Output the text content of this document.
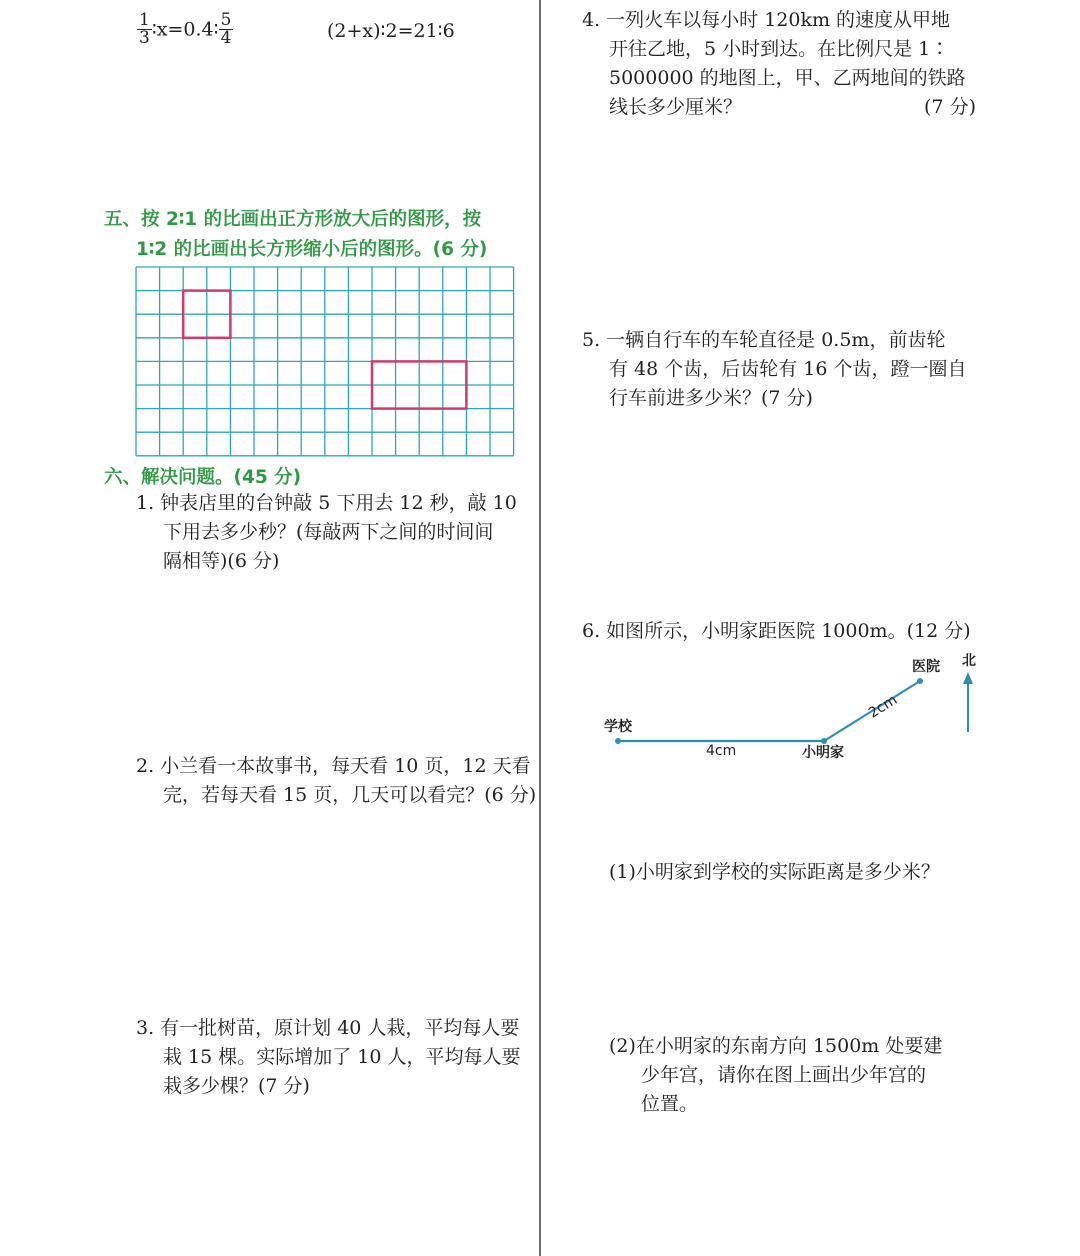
$\frac{1}{3}$ ∶x=0.4∶ $\frac{5}{4}$	(2+x)∶2=21∶6
五、按 2∶1 的比画出正方形放大后的图形，按
1∶2 的比画出长方形缩小后的图形。(6 分)
六、解决问题。(45 分)
1. 钟表店里的台钟敲 5 下用去 12 秒，敲 10
下用去多少秒？(每敲两下之间的时间间
隔相等)(6 分)
2. 小兰看一本故事书，每天看 10 页，12 天看
完，若每天看 15 页，几天可以看完？(6 分)
3. 有一批树苗，原计划 40 人栽，平均每人要
栽 15 棵。实际增加了 10 人，平均每人要
栽多少棵？(7 分)
4. 一列火车以每小时 120km 的速度从甲地
开往乙地，5 小时到达。在比例尺是 1∶
5000000 的地图上，甲、乙两地间的铁路
线长多少厘米？	(7 分)
5. 一辆自行车的车轮直径是 0.5m，前齿轮
有 48 个齿，后齿轮有 16 个齿，蹬一圈自
行车前进多少米？(7 分)
6. 如图所示，小明家距医院 1000m。(12 分)
学校
小明家
医院 北
4cm
2cm
(1)小明家到学校的实际距离是多少米？
(2)在小明家的东南方向 1500m 处要建
少年宫，请你在图上画出少年宫的
位置。
